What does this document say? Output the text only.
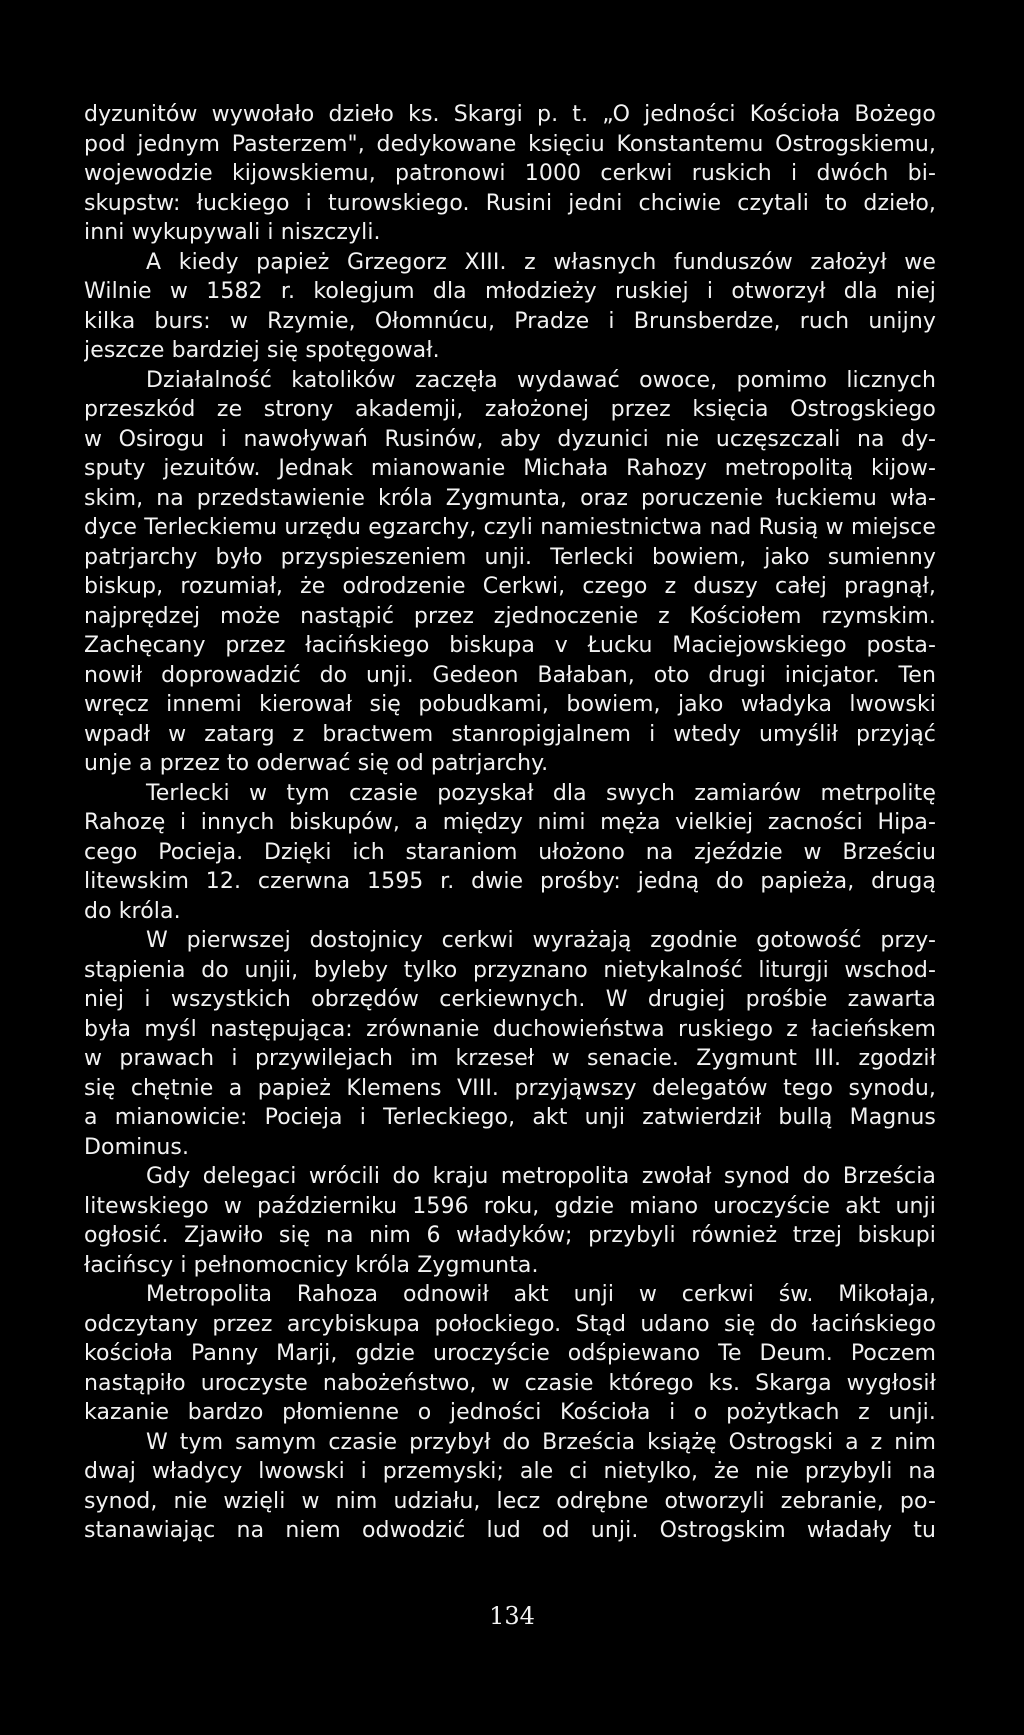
dyzunitów wywołało dzieło ks. Skargi p. t. „O jedności Kościoła Bożego
pod jednym Pasterzem", dedykowane księciu Konstantemu Ostrogskiemu,
wojewodzie kijowskiemu, patronowi 1000 cerkwi ruskich i dwóch bi-
skupstw: łuckiego i turowskiego. Rusini jedni chciwie czytali to dzieło,
inni wykupywali i niszczyli.
A kiedy papież Grzegorz XIII. z własnych funduszów założył we
Wilnie w 1582 r. kolegjum dla młodzieży ruskiej i otworzył dla niej
kilka burs: w Rzymie, Ołomnúcu, Pradze i Brunsberdze, ruch unijny
jeszcze bardziej się spotęgował.
Działalność katolików zaczęła wydawać owoce, pomimo licznych
przeszkód ze strony akademji, założonej przez księcia Ostrogskiego
w Osirogu i nawoływań Rusinów, aby dyzunici nie uczęszczali na dy-
sputy jezuitów. Jednak mianowanie Michała Rahozy metropolitą kijow-
skim, na przedstawienie króla Zygmunta, oraz poruczenie łuckiemu wła-
dyce Terleckiemu urzędu egzarchy, czyli namiestnictwa nad Rusią w miejsce
patrjarchy było przyspieszeniem unji. Terlecki bowiem, jako sumienny
biskup, rozumiał, że odrodzenie Cerkwi, czego z duszy całej pragnął,
najprędzej może nastąpić przez zjednoczenie z Kościołem rzymskim.
Zachęcany przez łacińskiego biskupa v Łucku Maciejowskiego posta-
nowił doprowadzić do unji. Gedeon Bałaban, oto drugi inicjator. Ten
wręcz innemi kierował się pobudkami, bowiem, jako władyka lwowski
wpadł w zatarg z bractwem stanropigjalnem i wtedy umyślił przyjąć
unje a przez to oderwać się od patrjarchy.
Terlecki w tym czasie pozyskał dla swych zamiarów metrpolitę
Rahozę i innych biskupów, a między nimi męża vielkiej zacności Hipa-
cego Pocieja. Dzięki ich staraniom ułożono na zjeździe w Brześciu
litewskim 12. czerwna 1595 r. dwie prośby: jedną do papieża, drugą
do króla.
W pierwszej dostojnicy cerkwi wyrażają zgodnie gotowość przy-
stąpienia do unjii, byleby tylko przyznano nietykalność liturgji wschod-
niej i wszystkich obrzędów cerkiewnych. W drugiej prośbie zawarta
była myśl następująca: zrównanie duchowieństwa ruskiego z łacieńskem
w prawach i przywilejach im krzeseł w senacie. Zygmunt III. zgodził
się chętnie a papież Klemens VIII. przyjąwszy delegatów tego synodu,
a mianowicie: Pocieja i Terleckiego, akt unji zatwierdził bullą Magnus
Dominus.
Gdy delegaci wrócili do kraju metropolita zwołał synod do Brześcia
litewskiego w październiku 1596 roku, gdzie miano uroczyście akt unji
ogłosić. Zjawiło się na nim 6 władyków; przybyli również trzej biskupi
łacińscy i pełnomocnicy króla Zygmunta.
Metropolita Rahoza odnowił akt unji w cerkwi św. Mikołaja,
odczytany przez arcybiskupa połockiego. Stąd udano się do łacińskiego
kościoła Panny Marji, gdzie uroczyście odśpiewano Te Deum. Poczem
nastąpiło uroczyste nabożeństwo, w czasie którego ks. Skarga wygłosił
kazanie bardzo płomienne o jedności Kościoła i o pożytkach z unji.
W tym samym czasie przybył do Brześcia książę Ostrogski a z nim
dwaj władycy lwowski i przemyski; ale ci nietylko, że nie przybyli na
synod, nie wzięli w nim udziału, lecz odrębne otworzyli zebranie, po-
stanawiając na niem odwodzić lud od unji. Ostrogskim władały tu
134
